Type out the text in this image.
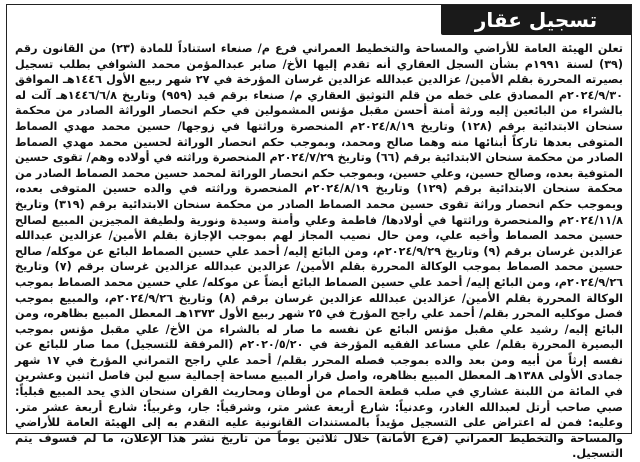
تسجيل عقار
تعلن الهيئة العامة للأراضي والمساحة والتخطيط العمراني فرع م/ صنعاء استناداً للمادة (٢٣) من القانون رقم (٣٩) لسنة ١٩٩١م بشأن السجل العقاري أنه تقدم إليها الأخ/ صابر عبدالمؤمن محمد الشوافي بطلب تسجيل بصيرته المحررة بقلم الأمين/ عزالدين عبدالله عزالدين غرسان المؤرخة في ٢٧ شهر ربيع الأول ١٤٤٦هـ الموافق ٢٠٢٤/٩/٣٠م المصادق على خطه من قلم التوثيق العقاري م/ صنعاء برقم قيد (٩٥٩) وتاريخ ١٤٤٦/٦/٨هـ آلت له بالشراء من البائعين إليه ورثة أمنة أحسن مقبل مؤنس المشمولين في حكم انحصار الوراثة الصادر من محكمة سنحان الابتدائية برقم (١٢٨) وتاريخ ٢٠٢٤/٨/١٩م المنحصرة وراثتها في زوجها/ حسين محمد مهدي الصماط المتوفى بعدها تاركاً أبنائها منه وهما صالح ومحمد، وبموجب حكم انحصار الوراثة لحسين محمد مهدي الصماط الصادر من محكمة سنحان الابتدائية برقم (٦٦) وتاريخ ٢٠٢٤/٧/٢٩م المنحصرة وراثته في أولاده وهم/ تقوى حسين المتوفية بعده، وصالح حسين، وعلي حسين، وبموجب حكم انحصار الوراثة لمحمد حسين محمد الصماط الصادر من محكمة سنحان الابتدائية برقم (١٢٩) وتاريخ ٢٠٢٤/٨/١٩م المنحصرة وراثته في والده حسين المتوفى بعده، وبموجب حكم انحصار وراثة تقوى حسين محمد الصماط الصادر من محكمة سنحان الابتدائية برقم (٣١٩) وتاريخ ٢٠٢٤/١١/٨م والمنحصرة وراثتها في أولادها/ فاطمة وعلي وأمنة وسيدة ونورية ولطيفة المجيزين المبيع لصالح حسين محمد الصماط وأخيه علي، ومن حال نصيب المجاز لهم بموجب الإجازة بقلم الأمين/ عزالدين عبدالله عزالدين غرسان برقم (٩) وتاريخ ٢٠٢٤/٩/٢٩م، ومن البائع إليه/ أحمد علي حسين الصماط البائع عن موكله/ صالح حسين محمد الصماط بموجب الوكالة المحررة بقلم الأمين/ عزالدين عبدالله عزالدين غرسان برقم (٧) وتاريخ ٢٠٢٤/٩/٢٦م، ومن البائع إليه/ أحمد علي حسين الصماط البائع أيضاً عن موكله/ علي حسين محمد الصماط بموجب الوكالة المحررة بقلم الأمين/ عزالدين عبدالله عزالدين غرسان برقم (٨) وتاريخ ٢٠٢٤/٩/٢٦م، والمبيع بموجب فصل موكليه المحرر بقلم/ أحمد علي راجح المؤرخ في ٢٥ شهر ربيع الأول ١٣٧٣هـ المعطل المبيع بظاهره، ومن البائع إليه/ رشيد علي مقبل مؤنس البائع عن نفسه ما صار له بالشراء من الأخ/ علي مقبل مؤنس بموجب البصيرة المحررة بقلم/ علي مساعد الفقيه المؤرخة في ٢٠٢٠/٥/٢٠م (المرفقة للتسجيل) مما صار للبائع عن نفسه إرثاً من أبيه ومن بعد والده بموجب فصله المحرر بقلم/ أحمد علي راجح التمراني المؤرخ في ١٧ شهر جمادى الأولى ١٣٨٨هـ المعطل المبيع بظاهره، واصل قرار المبيع مساحة إجمالية سبع لبن فاصل اثنين وعشرين في المائة من اللبنة عشاري في صلب قطعة الحمام من أوطان ومحاريث القران سنحان الذي يحد المبيع قبلياً: صبي صاحب أرتل لعبدالله الغادر، وعدنياً: شارع أربعة عشر متر، وشرقياً: جار، وغربياً: شارع أربعة عشر متر. وعليه: فمن له اعتراض على التسجيل مؤيداً بالمستندات القانونية عليه التقدم به إلى الهيئة العامة للأراضي والمساحة والتخطيط العمراني (فرع الأمانة) خلال ثلاثين يوماً من تاريخ نشر هذا الإعلان، ما لم فسوف يتم التسجيل.
